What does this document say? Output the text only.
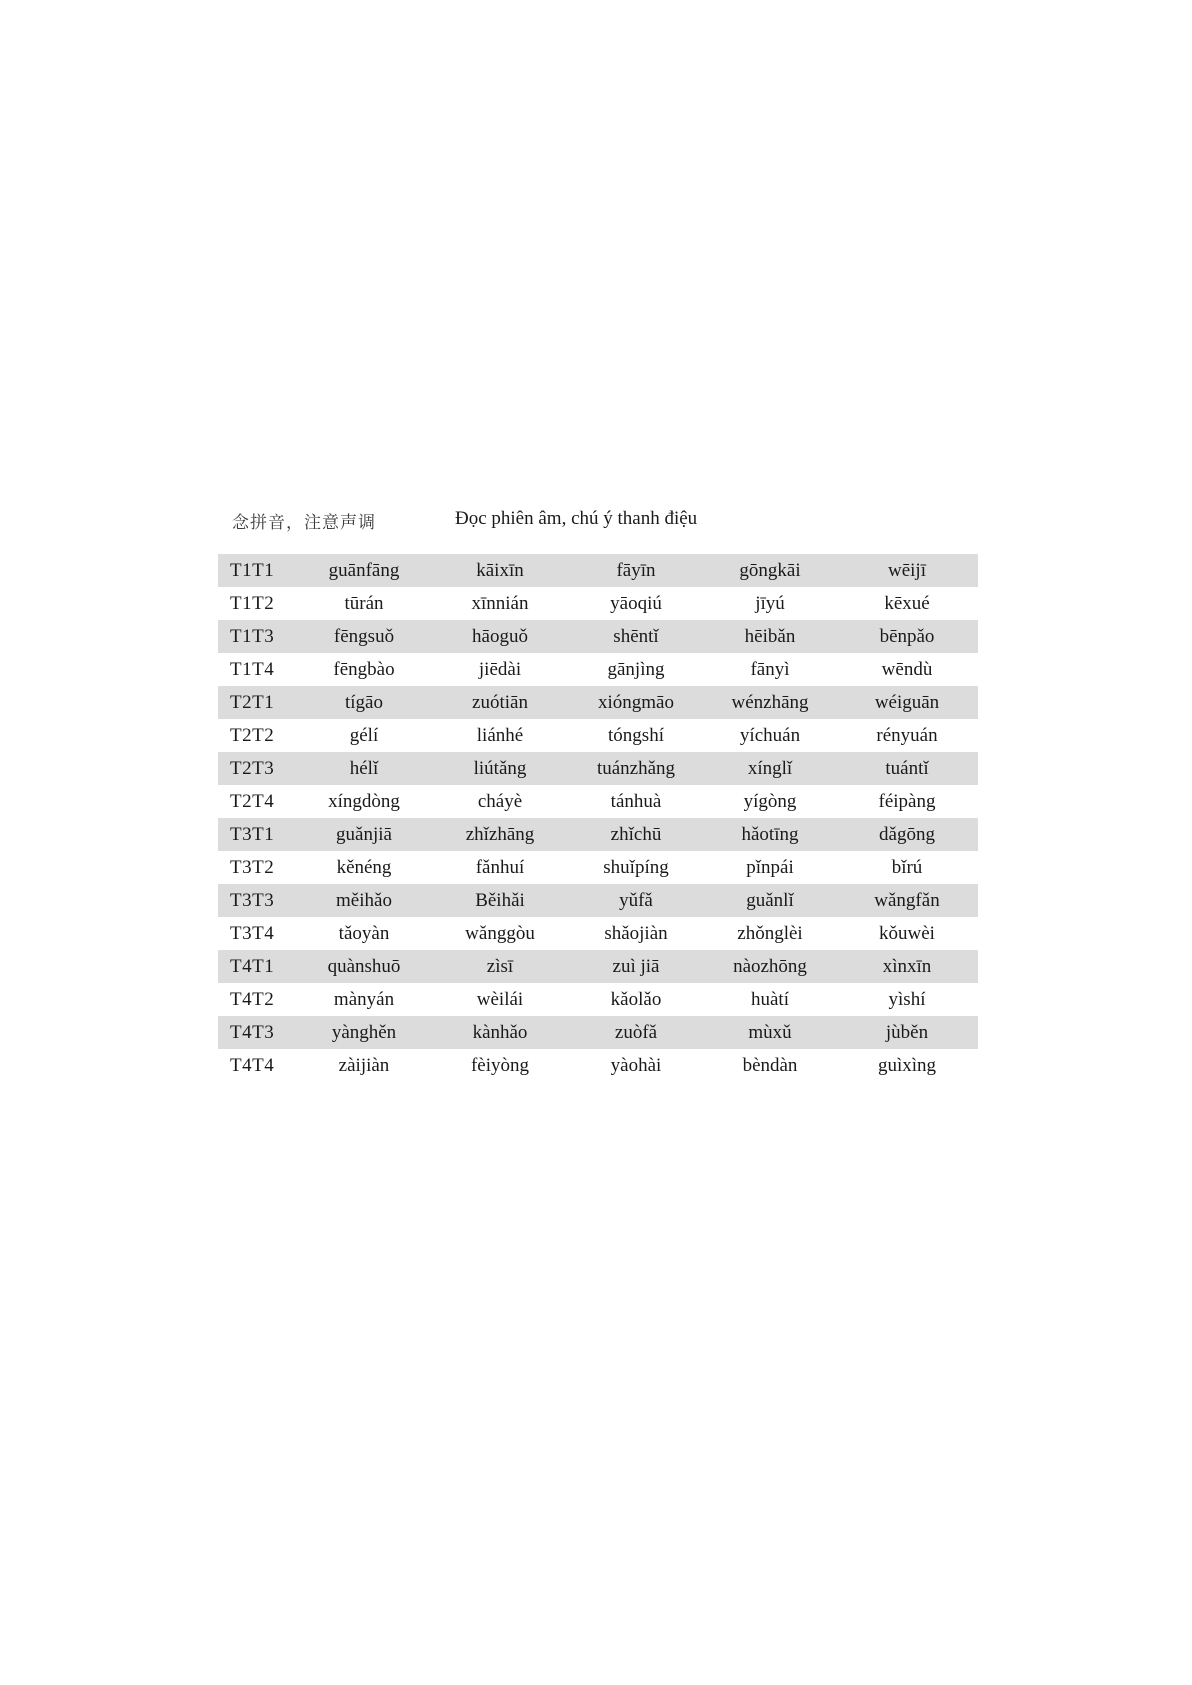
念拼音，注意声调	Đọc phiên âm, chú ý thanh điệu
T1T1	guānfāng	kāixīn	fāyīn	gōngkāi	wēijī
T1T2	tūrán	xīnnián	yāoqiú	jīyú	kēxué
T1T3	fēngsuǒ	hāoguǒ	shēntǐ	hēibǎn	bēnpǎo
T1T4	fēngbào	jiēdài	gānjìng	fānyì	wēndù
T2T1	tígāo	zuótiān	xióngmāo	wénzhāng	wéiguān
T2T2	gélí	liánhé	tóngshí	yíchuán	rényuán
T2T3	hélǐ	liútǎng	tuánzhǎng	xínglǐ	tuántǐ
T2T4	xíngdòng	cháyè	tánhuà	yígòng	féipàng
T3T1	guǎnjiā	zhǐzhāng	zhǐchū	hǎotīng	dǎgōng
T3T2	kěnéng	fǎnhuí	shuǐpíng	pǐnpái	bǐrú
T3T3	měihǎo	Běihǎi	yǔfǎ	guǎnlǐ	wǎngfǎn
T3T4	tǎoyàn	wǎnggòu	shǎojiàn	zhǒnglèi	kǒuwèi
T4T1	quànshuō	zìsī	zuì jiā	nàozhōng	xìnxīn
T4T2	mànyán	wèilái	kǎolǎo	huàtí	yìshí
T4T3	yànghěn	kànhǎo	zuòfǎ	mùxǔ	jùběn
T4T4	zàijiàn	fèiyòng	yàohài	bèndàn	guìxìng
